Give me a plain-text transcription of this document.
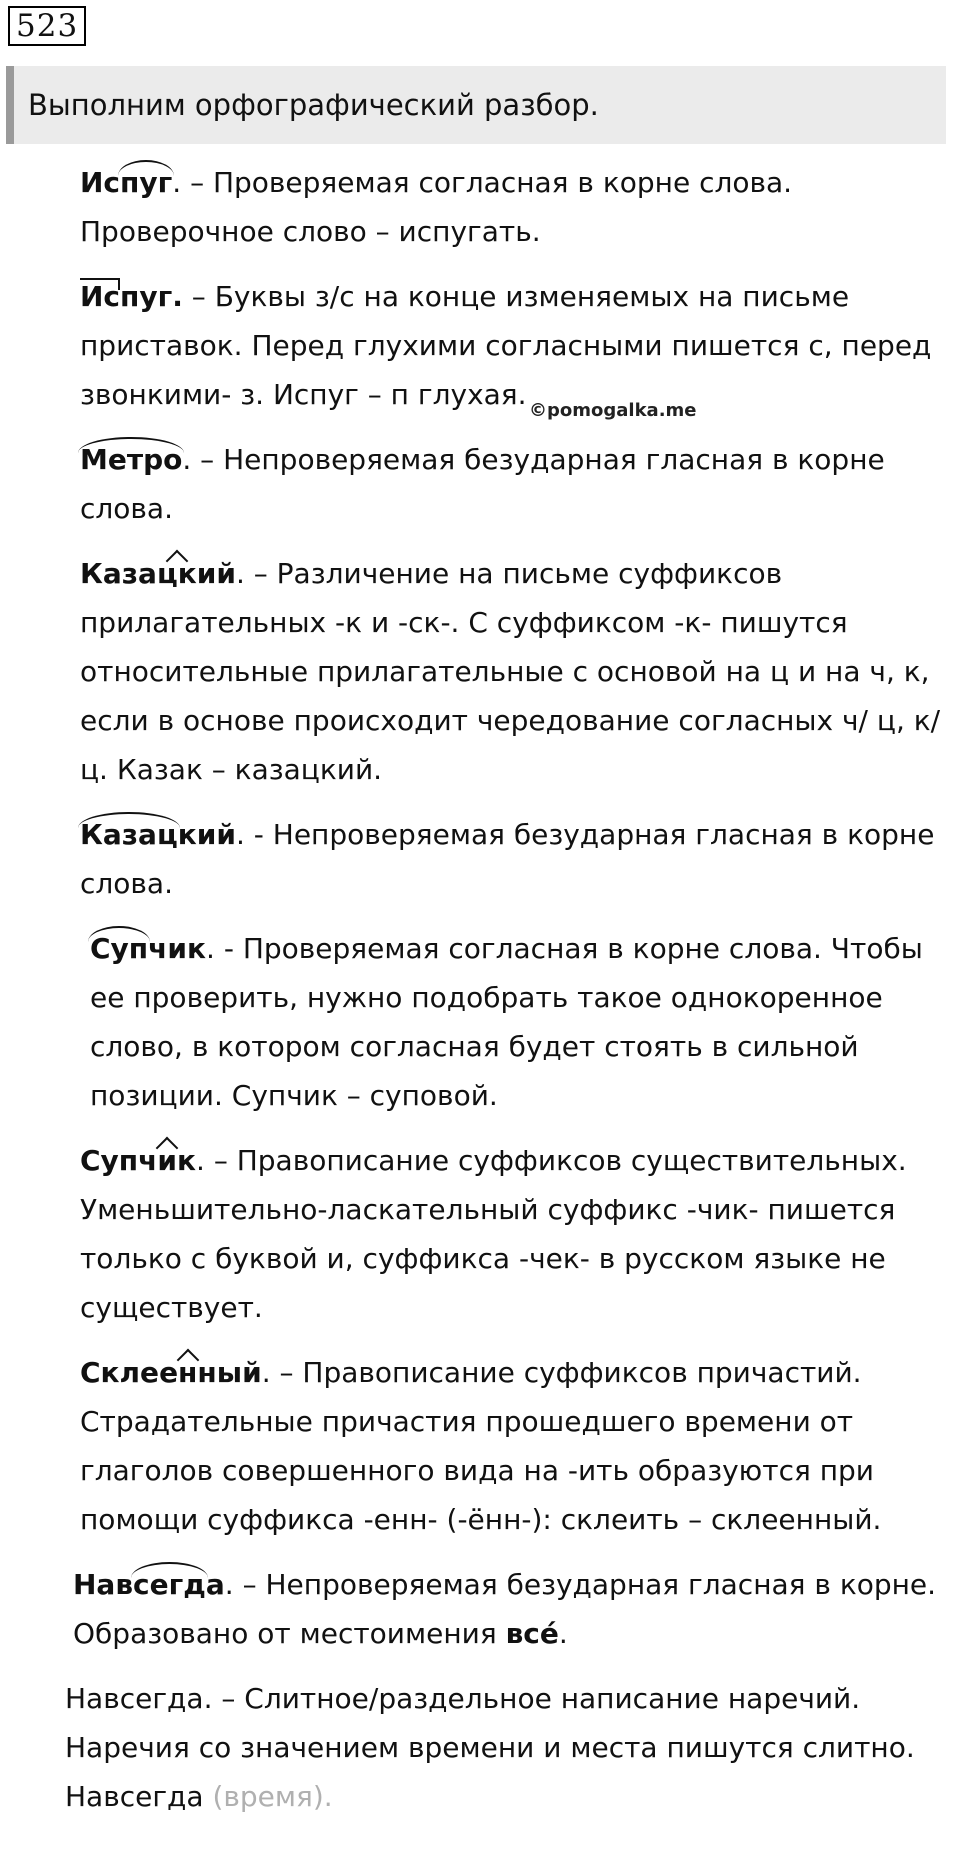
523
Выполним орфографический разбор.
©pomogalka.me

Испуг. – Проверяемая согласная в корне слова. Проверочное слово – испугать.

Испуг. – Буквы з/с на конце изменяемых на письме приставок. Перед глухими согласными пишется с, перед звонкими- з. Испуг – п глухая.

Метро. – Непроверяемая безударная гласная в корне слова.

Казацкий. – Различение на письме суффиксов прилагательных -к и -ск-. С суффиксом -к- пишутся относительные прилагательные с основой на ц и на ч, к, если в основе происходит чередование согласных ч/ ц, к/ ц. Казак – казацкий.

Казацкий. - Непроверяемая безударная гласная в корне слова.

Супчик. - Проверяемая согласная в корне слова. Чтобы ее проверить, нужно подобрать такое однокоренное слово, в котором согласная будет стоять в сильной позиции. Супчик – суповой.

Супчик. – Правописание суффиксов существительных. Уменьшительно-ласкательный суффикс -чик- пишется только с буквой и, суффикса -чек- в русском языке не существует.

Склеенный. – Правописание суффиксов причастий. Страдательные причастия прошедшего времени от глаголов совершенного вида на -ить образуются при помощи суффикса -енн- (-ённ-): склеить – склеенный.

Навсегда. – Непроверяемая безударная гласная в корне. Образовано от местоимения всé.

Навсегда. – Слитное/раздельное написание наречий. Наречия со значением времени и места пишутся слитно. Навсегда (время).
